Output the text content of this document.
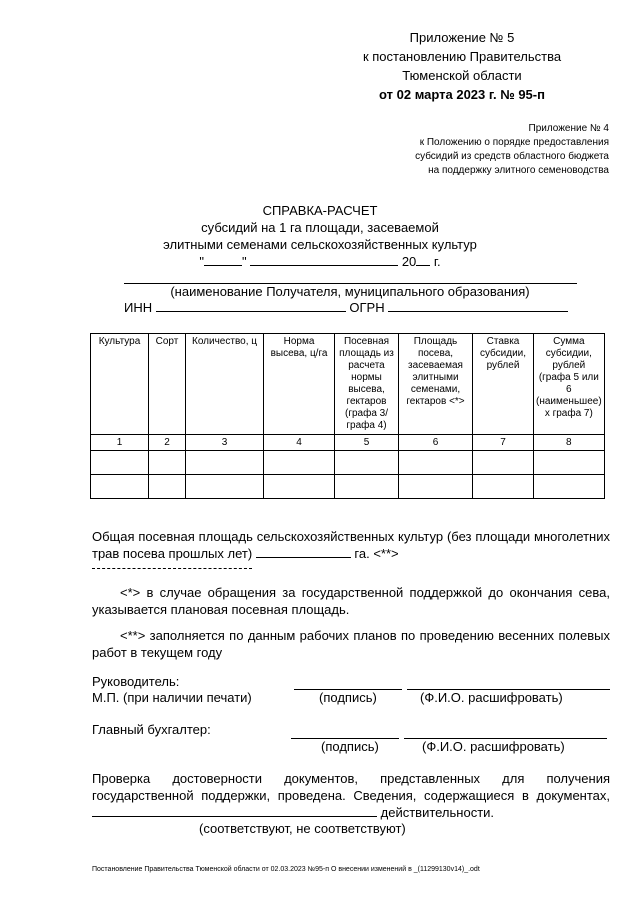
Приложение № 5
к постановлению Правительства
Тюменской области
от 02 марта 2023 г. № 95-п
Приложение № 4
к Положению о порядке предоставления
субсидий из средств областного бюджета
на поддержку элитного семеноводства
СПРАВКА-РАСЧЕТ
субсидий на 1 га площади, засеваемой
элитными семенами сельскохозяйственных культур
"	"	20 г.
(наименование Получателя, муниципального образования)
ИНН	ОГРН
Культура	Сорт	Количество, ц	Норма высева, ц/га	Посевная площадь из расчета нормы высева, гектаров (графа 3/ графа 4)	Площадь посева, засеваемая элитными семенами, гектаров <*>	Ставка субсидии, рублей	Сумма субсидии, рублей (графа 5 или 6 (наименьшее) x графа 7)
1	2	3	4	5	6	7	8

Общая посевная площадь сельскохозяйственных культур (без площади многолетних трав посева прошлых лет)	га. <**>
<*> в случае обращения за государственной поддержкой до окончания сева, указывается плановая посевная площадь.
<**> заполняется по данным рабочих планов по проведению весенних полевых работ в текущем году
Руководитель:
М.П. (при наличии печати)	(подпись)	(Ф.И.О. расшифровать)
Главный бухгалтер:
(подпись)	(Ф.И.О. расшифровать)
Проверка достоверности документов, представленных для получения государственной поддержки, проведена. Сведения, содержащиеся в документах,  действительности.
(соответствуют, не соответствуют)
Постановление Правительства Тюменской области от 02.03.2023 №95-п О внесении изменений в _(11299130v14)_.odt
